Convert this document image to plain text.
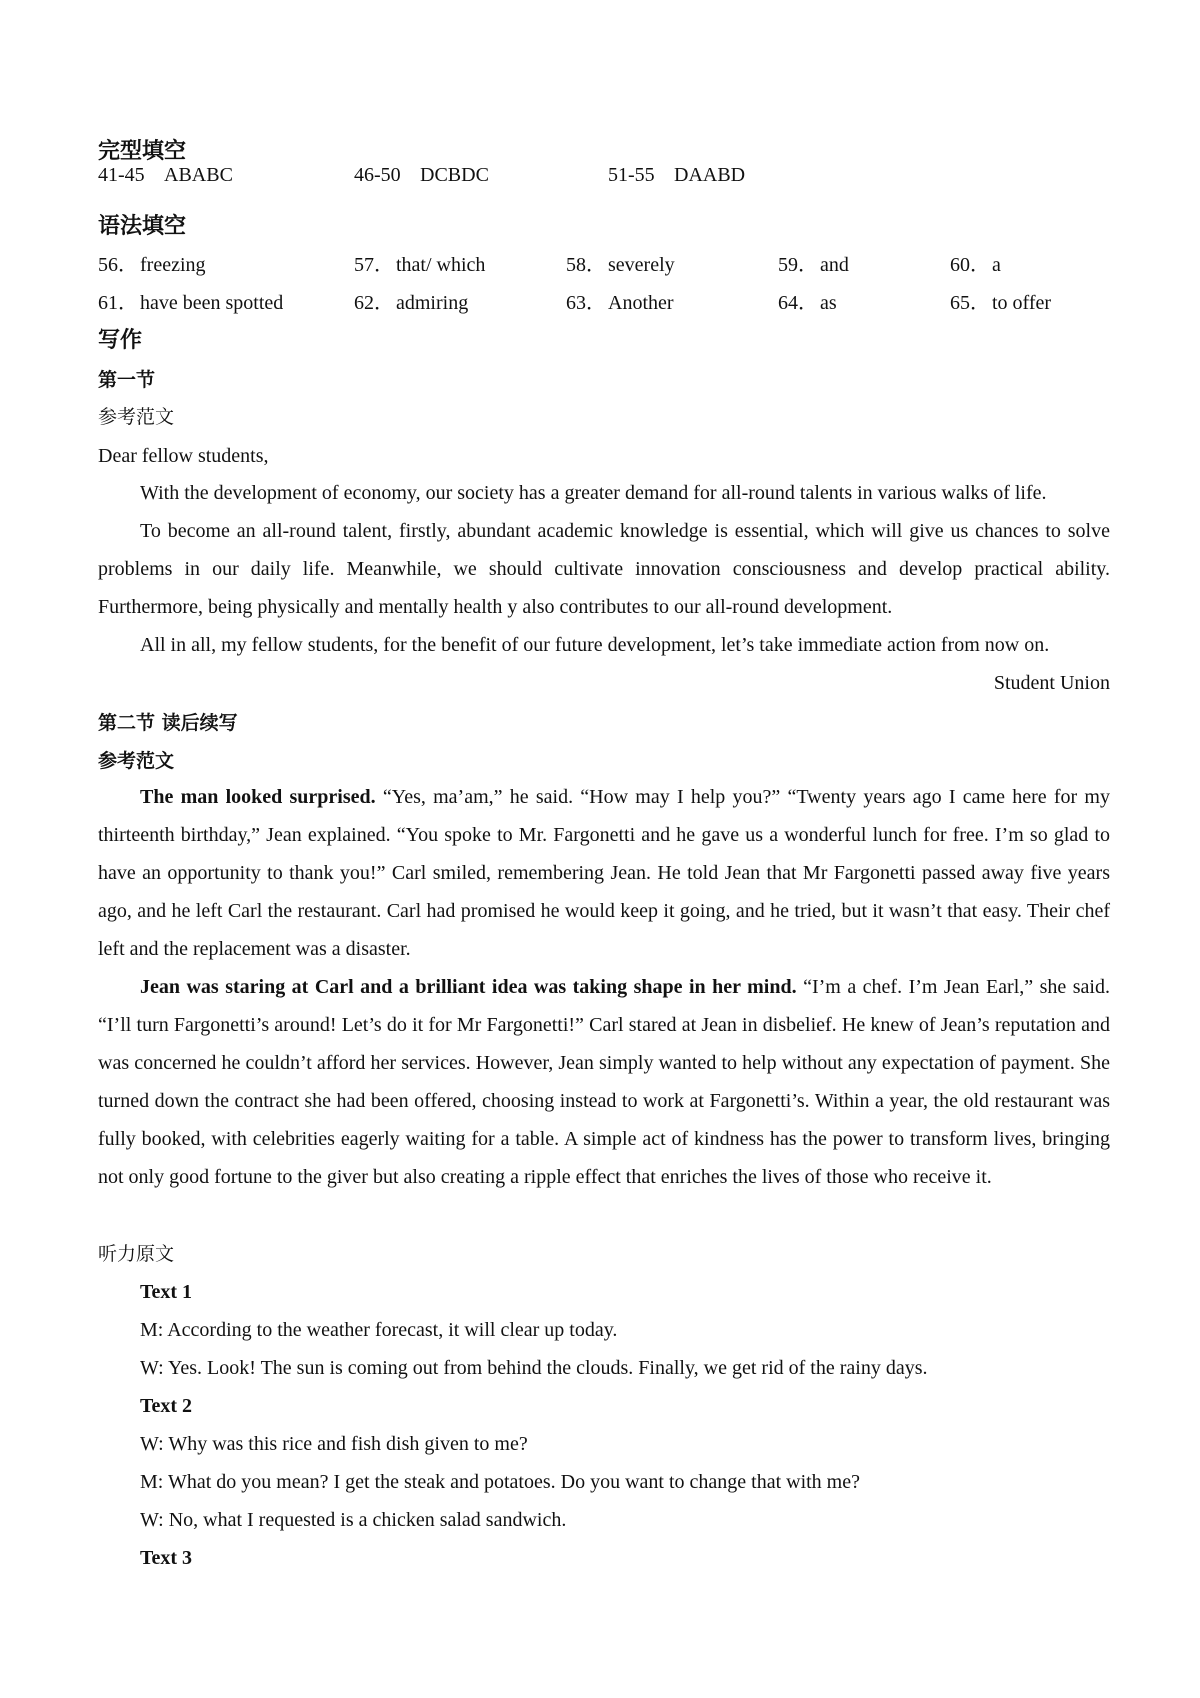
完型填空
41-45 ABABC	46-50 DCBDC	51-55 DAABD
语法填空
56． freezing	57． that/ which	58． severely	59． and	60． a
61． have been spotted	62． admiring	63． Another	64． as	65． to offer
写作
第一节
参考范文
Dear fellow students,
With the development of economy, our society has a greater demand for all-round talents in various walks of life.
To become an all-round talent, firstly, abundant academic knowledge is essential, which will give us chances to solve problems in our daily life. Meanwhile, we should cultivate innovation consciousness and develop practical ability. Furthermore, being physically and mentally health y also contributes to our all-round development.
All in all, my fellow students, for the benefit of our future development, let’s take immediate action from now on.
Student Union
第二节 读后续写
参考范文
The man looked surprised. “Yes, ma’am,” he said. “How may I help you?” “Twenty years ago I came here for my thirteenth birthday,” Jean explained. “You spoke to Mr. Fargonetti and he gave us a wonderful lunch for free. I’m so glad to have an opportunity to thank you!” Carl smiled, remembering Jean. He told Jean that Mr Fargonetti passed away five years ago, and he left Carl the restaurant. Carl had promised he would keep it going, and he tried, but it wasn’t that easy. Their chef left and the replacement was a disaster.
Jean was staring at Carl and a brilliant idea was taking shape in her mind. “I’m a chef. I’m Jean Earl,” she said. “I’ll turn Fargonetti’s around! Let’s do it for Mr Fargonetti!” Carl stared at Jean in disbelief. He knew of Jean’s reputation and was concerned he couldn’t afford her services. However, Jean simply wanted to help without any expectation of payment. She turned down the contract she had been offered, choosing instead to work at Fargonetti’s. Within a year, the old restaurant was fully booked, with celebrities eagerly waiting for a table. A simple act of kindness has the power to transform lives, bringing not only good fortune to the giver but also creating a ripple effect that enriches the lives of those who receive it.
听力原文
Text 1
M: According to the weather forecast, it will clear up today.
W: Yes. Look! The sun is coming out from behind the clouds. Finally, we get rid of the rainy days.
Text 2
W: Why was this rice and fish dish given to me?
M: What do you mean? I get the steak and potatoes. Do you want to change that with me?
W: No, what I requested is a chicken salad sandwich.
Text 3
